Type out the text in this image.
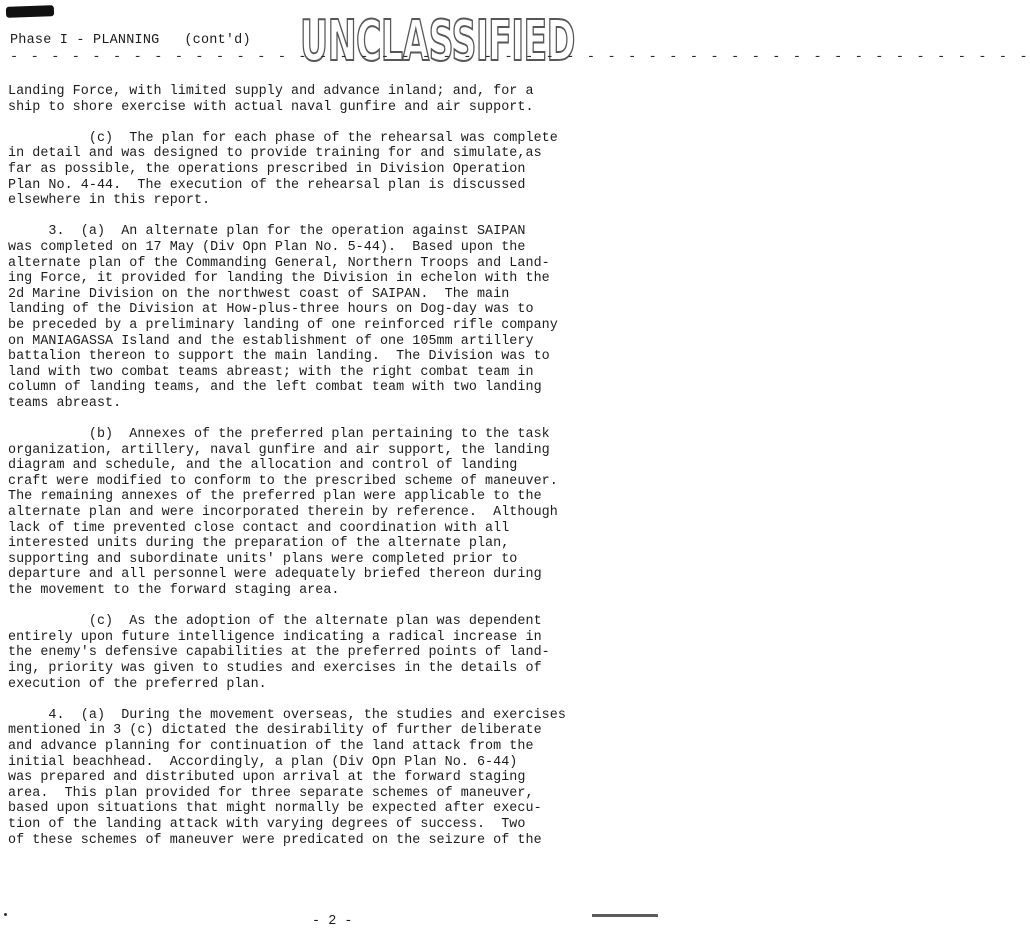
Phase I - PLANNING (cont'd) UNCLASSIFIED
- - - - - - - - - - - - - - - - - - - - - - - - - - - - - - - - - - - - - - - - - - - - - - - - - -
Landing Force, with limited supply and advance inland; and, for a
ship to shore exercise with actual naval gunfire and air support.
(c)  The plan for each phase of the rehearsal was complete
in detail and was designed to provide training for and simulate,as
far as possible, the operations prescribed in Division Operation
Plan No. 4-44.  The execution of the rehearsal plan is discussed
elsewhere in this report.
3.  (a)  An alternate plan for the operation against SAIPAN
was completed on 17 May (Div Opn Plan No. 5-44).  Based upon the
alternate plan of the Commanding General, Northern Troops and Land-
ing Force, it provided for landing the Division in echelon with the
2d Marine Division on the northwest coast of SAIPAN.  The main
landing of the Division at How-plus-three hours on Dog-day was to
be preceded by a preliminary landing of one reinforced rifle company
on MANIAGASSA Island and the establishment of one 105mm artillery
battalion thereon to support the main landing.  The Division was to
land with two combat teams abreast; with the right combat team in
column of landing teams, and the left combat team with two landing
teams abreast.
(b)  Annexes of the preferred plan pertaining to the task
organization, artillery, naval gunfire and air support, the landing
diagram and schedule, and the allocation and control of landing
craft were modified to conform to the prescribed scheme of maneuver.
The remaining annexes of the preferred plan were applicable to the
alternate plan and were incorporated therein by reference.  Although
lack of time prevented close contact and coordination with all
interested units during the preparation of the alternate plan,
supporting and subordinate units' plans were completed prior to
departure and all personnel were adequately briefed thereon during
the movement to the forward staging area.
(c)  As the adoption of the alternate plan was dependent
entirely upon future intelligence indicating a radical increase in
the enemy's defensive capabilities at the preferred points of land-
ing, priority was given to studies and exercises in the details of
execution of the preferred plan.
4.  (a)  During the movement overseas, the studies and exercises
mentioned in 3 (c) dictated the desirability of further deliberate
and advance planning for continuation of the land attack from the
initial beachhead.  Accordingly, a plan (Div Opn Plan No. 6-44)
was prepared and distributed upon arrival at the forward staging
area.  This plan provided for three separate schemes of maneuver,
based upon situations that might normally be expected after execu-
tion of the landing attack with varying degrees of success.  Two
of these schemes of maneuver were predicated on the seizure of the
- 2 -
